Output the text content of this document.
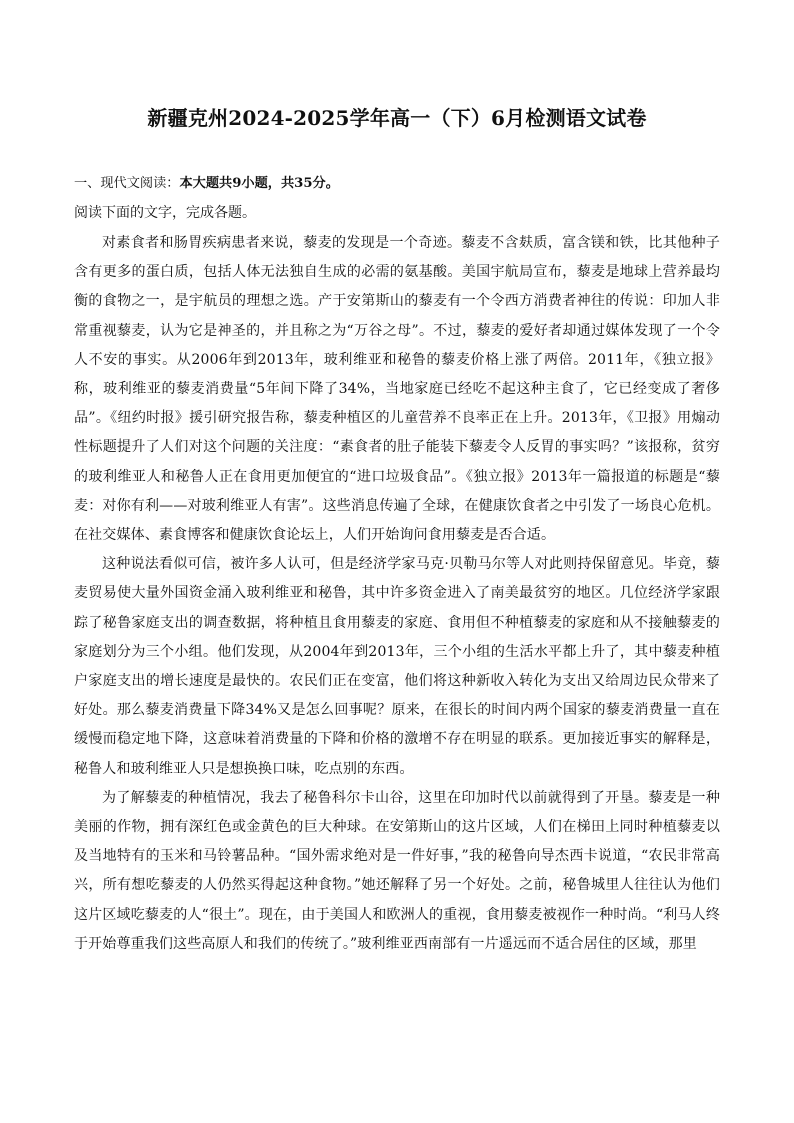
新疆克州2024-2025学年高一（下）6月检测语文试卷
一、现代文阅读：本大题共9小题，共35分。
阅读下面的文字，完成各题。

对素食者和肠胃疾病患者来说，藜麦的发现是一个奇迹。藜麦不含麸质，富含镁和铁，比其他种子含有更多的蛋白质，包括人体无法独自生成的必需的氨基酸。美国宇航局宣布，藜麦是地球上营养最均衡的食物之一，是宇航员的理想之选。产于安第斯山的藜麦有一个令西方消费者神往的传说：印加人非常重视藜麦，认为它是神圣的，并且称之为“万谷之母”。不过，藜麦的爱好者却通过媒体发现了一个令人不安的事实。从2006年到2013年，玻利维亚和秘鲁的藜麦价格上涨了两倍。2011年，《独立报》称，玻利维亚的藜麦消费量“5年间下降了34%，当地家庭已经吃不起这种主食了，它已经变成了奢侈品”。《纽约时报》援引研究报告称，藜麦种植区的儿童营养不良率正在上升。2013年，《卫报》用煽动性标题提升了人们对这个问题的关注度：“素食者的肚子能装下藜麦令人反胃的事实吗？”该报称，贫穷的玻利维亚人和秘鲁人正在食用更加便宜的“进口垃圾食品”。《独立报》2013年一篇报道的标题是“藜麦：对你有利——对玻利维亚人有害”。这些消息传遍了全球，在健康饮食者之中引发了一场良心危机。在社交媒体、素食博客和健康饮食论坛上，人们开始询问食用藜麦是否合适。

这种说法看似可信，被许多人认可，但是经济学家马克·贝勒马尔等人对此则持保留意见。毕竟，藜麦贸易使大量外国资金涌入玻利维亚和秘鲁，其中许多资金进入了南美最贫穷的地区。几位经济学家跟踪了秘鲁家庭支出的调查数据，将种植且食用藜麦的家庭、食用但不种植藜麦的家庭和从不接触藜麦的家庭划分为三个小组。他们发现，从2004年到2013年，三个小组的生活水平都上升了，其中藜麦种植户家庭支出的增长速度是最快的。农民们正在变富，他们将这种新收入转化为支出又给周边民众带来了好处。那么藜麦消费量下降34%又是怎么回事呢？原来，在很长的时间内两个国家的藜麦消费量一直在缓慢而稳定地下降，这意味着消费量的下降和价格的激增不存在明显的联系。更加接近事实的解释是，秘鲁人和玻利维亚人只是想换换口味，吃点别的东西。

为了解藜麦的种植情况，我去了秘鲁科尔卡山谷，这里在印加时代以前就得到了开垦。藜麦是一种美丽的作物，拥有深红色或金黄色的巨大种球。在安第斯山的这片区域，人们在梯田上同时种植藜麦以及当地特有的玉米和马铃薯品种。“国外需求绝对是一件好事，”我的秘鲁向导杰西卡说道，“农民非常高兴，所有想吃藜麦的人仍然买得起这种食物。”她还解释了另一个好处。之前，秘鲁城里人往往认为他们这片区域吃藜麦的人“很土”。现在，由于美国人和欧洲人的重视，食用藜麦被视作一种时尚。“利马人终于开始尊重我们这些高原人和我们的传统了。”玻利维亚西南部有一片遥远而不适合居住的区域，那里
